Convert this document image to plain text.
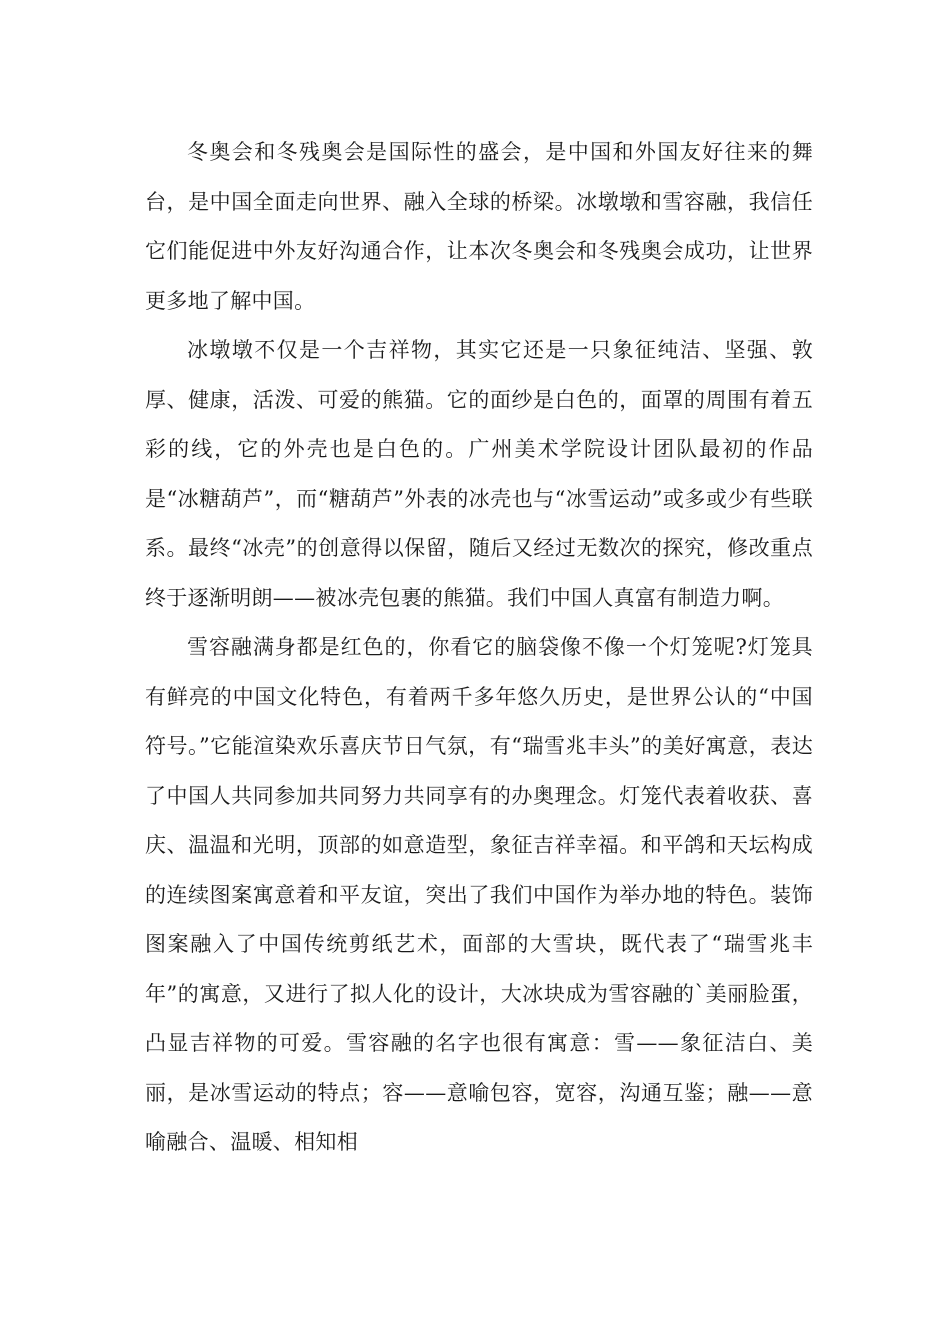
冬奥会和冬残奥会是国际性的盛会，是中国和外国友好往来的舞台，是中国全面走向世界、融入全球的桥梁。冰墩墩和雪容融，我信任它们能促进中外友好沟通合作，让本次冬奥会和冬残奥会成功，让世界更多地了解中国。

冰墩墩不仅是一个吉祥物，其实它还是一只象征纯洁、坚强、敦厚、健康，活泼、可爱的熊猫。它的面纱是白色的，面罩的周围有着五彩的线，它的外壳也是白色的。广州美术学院设计团队最初的作品是“冰糖葫芦”，而“糖葫芦”外表的冰壳也与“冰雪运动”或多或少有些联系。最终“冰壳”的创意得以保留，随后又经过无数次的探究，修改重点终于逐渐明朗——被冰壳包裹的熊猫。我们中国人真富有制造力啊。

雪容融满身都是红色的，你看它的脑袋像不像一个灯笼呢?灯笼具有鲜亮的中国文化特色，有着两千多年悠久历史，是世界公认的“中国符号。”它能渲染欢乐喜庆节日气氛，有“瑞雪兆丰头”的美好寓意，表达了中国人共同参加共同努力共同享有的办奥理念。灯笼代表着收获、喜庆、温温和光明，顶部的如意造型，象征吉祥幸福。和平鸽和天坛构成的连续图案寓意着和平友谊，突出了我们中国作为举办地的特色。装饰图案融入了中国传统剪纸艺术，面部的大雪块，既代表了“瑞雪兆丰年”的寓意，又进行了拟人化的设计，大冰块成为雪容融的`美丽脸蛋，凸显吉祥物的可爱。雪容融的名字也很有寓意：雪——象征洁白、美丽，是冰雪运动的特点；容——意喻包容，宽容，沟通互鉴；融——意喻融合、温暖、相知相
